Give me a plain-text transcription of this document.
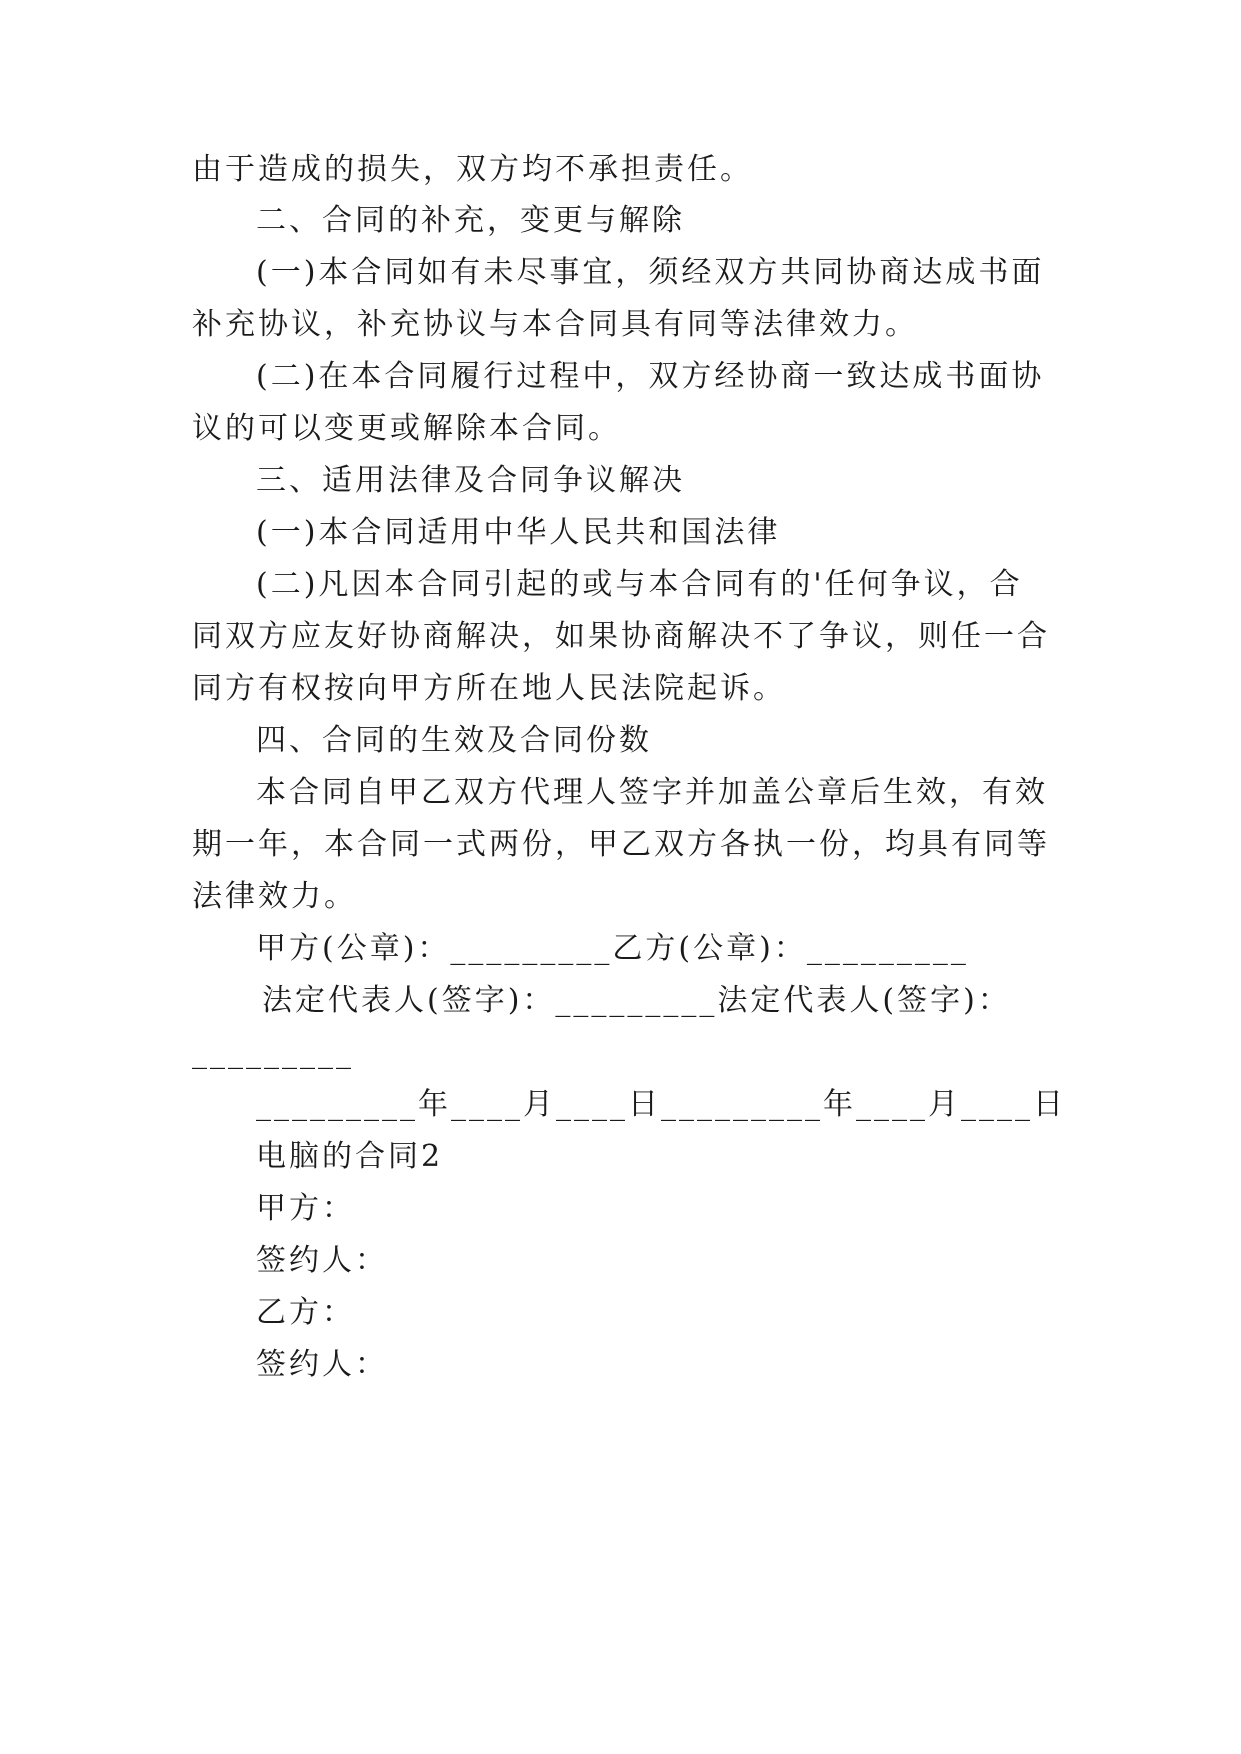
由于造成的损失，双方均不承担责任。
二、合同的补充，变更与解除
(一)本合同如有未尽事宜，须经双方共同协商达成书面
补充协议，补充协议与本合同具有同等法律效力。
(二)在本合同履行过程中，双方经协商一致达成书面协
议的可以变更或解除本合同。
三、适用法律及合同争议解决
(一)本合同适用中华人民共和国法律
(二)凡因本合同引起的或与本合同有的'任何争议，合
同双方应友好协商解决，如果协商解决不了争议，则任一合
同方有权按向甲方所在地人民法院起诉。
四、合同的生效及合同份数
本合同自甲乙双方代理人签字并加盖公章后生效，有效
期一年，本合同一式两份，甲乙双方各执一份，均具有同等
法律效力。
甲方(公章)：_________乙方(公章)：_________
法定代表人(签字)：_________法定代表人(签字)：
_________
_________年____月____日_________年____月____日
电脑的合同2
甲方：
签约人：
乙方：
签约人：
